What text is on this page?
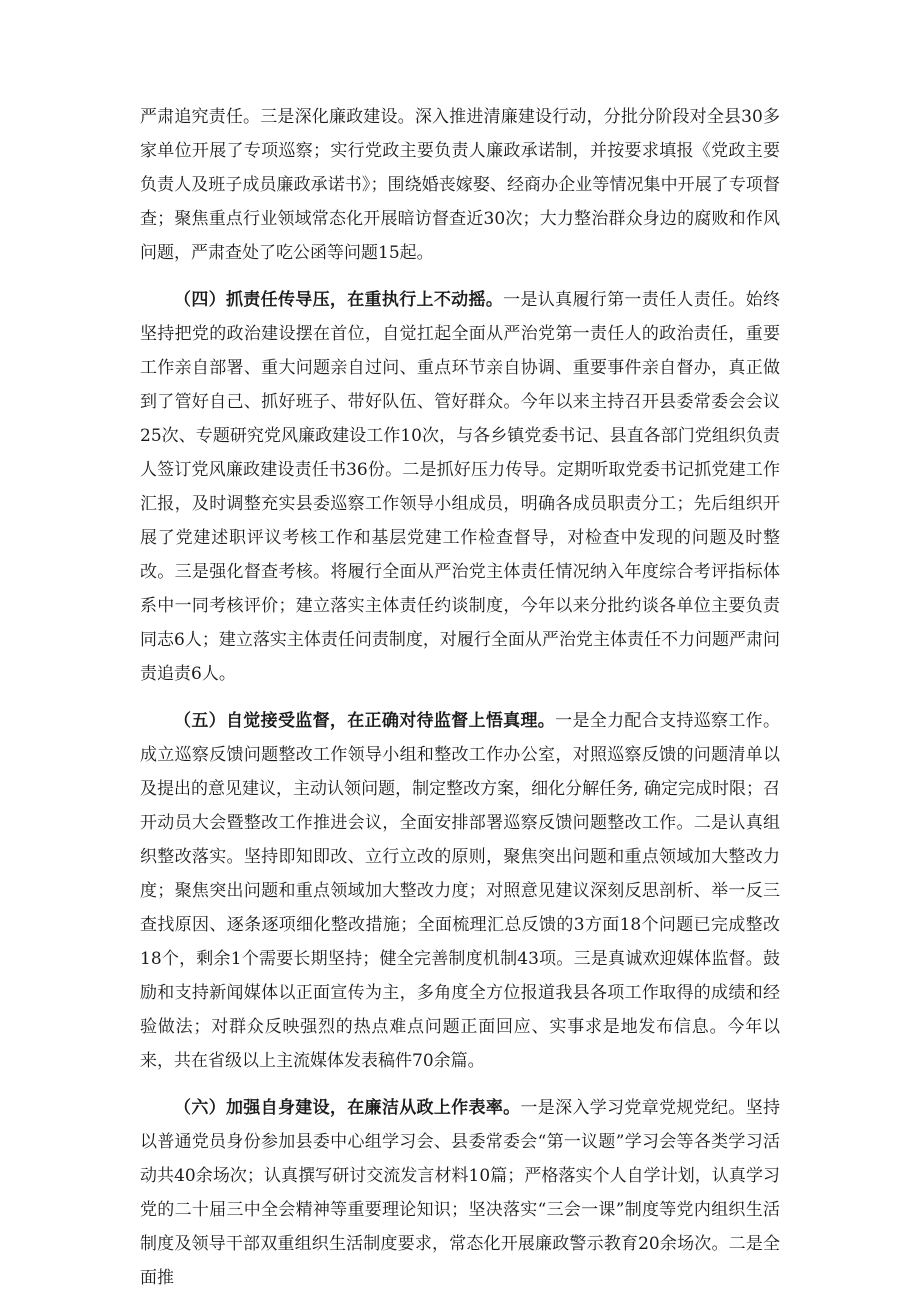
严肃追究责任。三是深化廉政建设。深入推进清廉建设行动，分批分阶段对全县30多家单位开展了专项巡察；实行党政主要负责人廉政承诺制，并按要求填报《党政主要负责人及班子成员廉政承诺书》；围绕婚丧嫁娶、经商办企业等情况集中开展了专项督查；聚焦重点行业领域常态化开展暗访督查近30次；大力整治群众身边的腐败和作风问题，严肃查处了吃公函等问题15起。

（四）抓责任传导压，在重执行上不动摇。一是认真履行第一责任人责任。始终坚持把党的政治建设摆在首位，自觉扛起全面从严治党第一责任人的政治责任，重要工作亲自部署、重大问题亲自过问、重点环节亲自协调、重要事件亲自督办，真正做到了管好自己、抓好班子、带好队伍、管好群众。今年以来主持召开县委常委会会议25次、专题研究党风廉政建设工作10次，与各乡镇党委书记、县直各部门党组织负责人签订党风廉政建设责任书36份。二是抓好压力传导。定期听取党委书记抓党建工作汇报，及时调整充实县委巡察工作领导小组成员，明确各成员职责分工；先后组织开展了党建述职评议考核工作和基层党建工作检查督导，对检查中发现的问题及时整改。三是强化督查考核。将履行全面从严治党主体责任情况纳入年度综合考评指标体系中一同考核评价；建立落实主体责任约谈制度，今年以来分批约谈各单位主要负责同志6人；建立落实主体责任问责制度，对履行全面从严治党主体责任不力问题严肃问责追责6人。

（五）自觉接受监督，在正确对待监督上悟真理。一是全力配合支持巡察工作。成立巡察反馈问题整改工作领导小组和整改工作办公室，对照巡察反馈的问题清单以及提出的意见建议，主动认领问题，制定整改方案，细化分解任务, 确定完成时限；召开动员大会暨整改工作推进会议，全面安排部署巡察反馈问题整改工作。二是认真组织整改落实。坚持即知即改、立行立改的原则，聚焦突出问题和重点领域加大整改力度；聚焦突出问题和重点领域加大整改力度；对照意见建议深刻反思剖析、举一反三查找原因、逐条逐项细化整改措施；全面梳理汇总反馈的3方面18个问题已完成整改18个，剩余1个需要长期坚持；健全完善制度机制43项。三是真诚欢迎媒体监督。鼓励和支持新闻媒体以正面宣传为主，多角度全方位报道我县各项工作取得的成绩和经验做法；对群众反映强烈的热点难点问题正面回应、实事求是地发布信息。今年以来，共在省级以上主流媒体发表稿件70余篇。

（六）加强自身建设，在廉洁从政上作表率。一是深入学习党章党规党纪。坚持以普通党员身份参加县委中心组学习会、县委常委会“第一议题”学习会等各类学习活动共40余场次；认真撰写研讨交流发言材料10篇；严格落实个人自学计划，认真学习党的二十届三中全会精神等重要理论知识；坚决落实“三会一课”制度等党内组织生活制度及领导干部双重组织生活制度要求，常态化开展廉政警示教育20余场次。二是全面推
